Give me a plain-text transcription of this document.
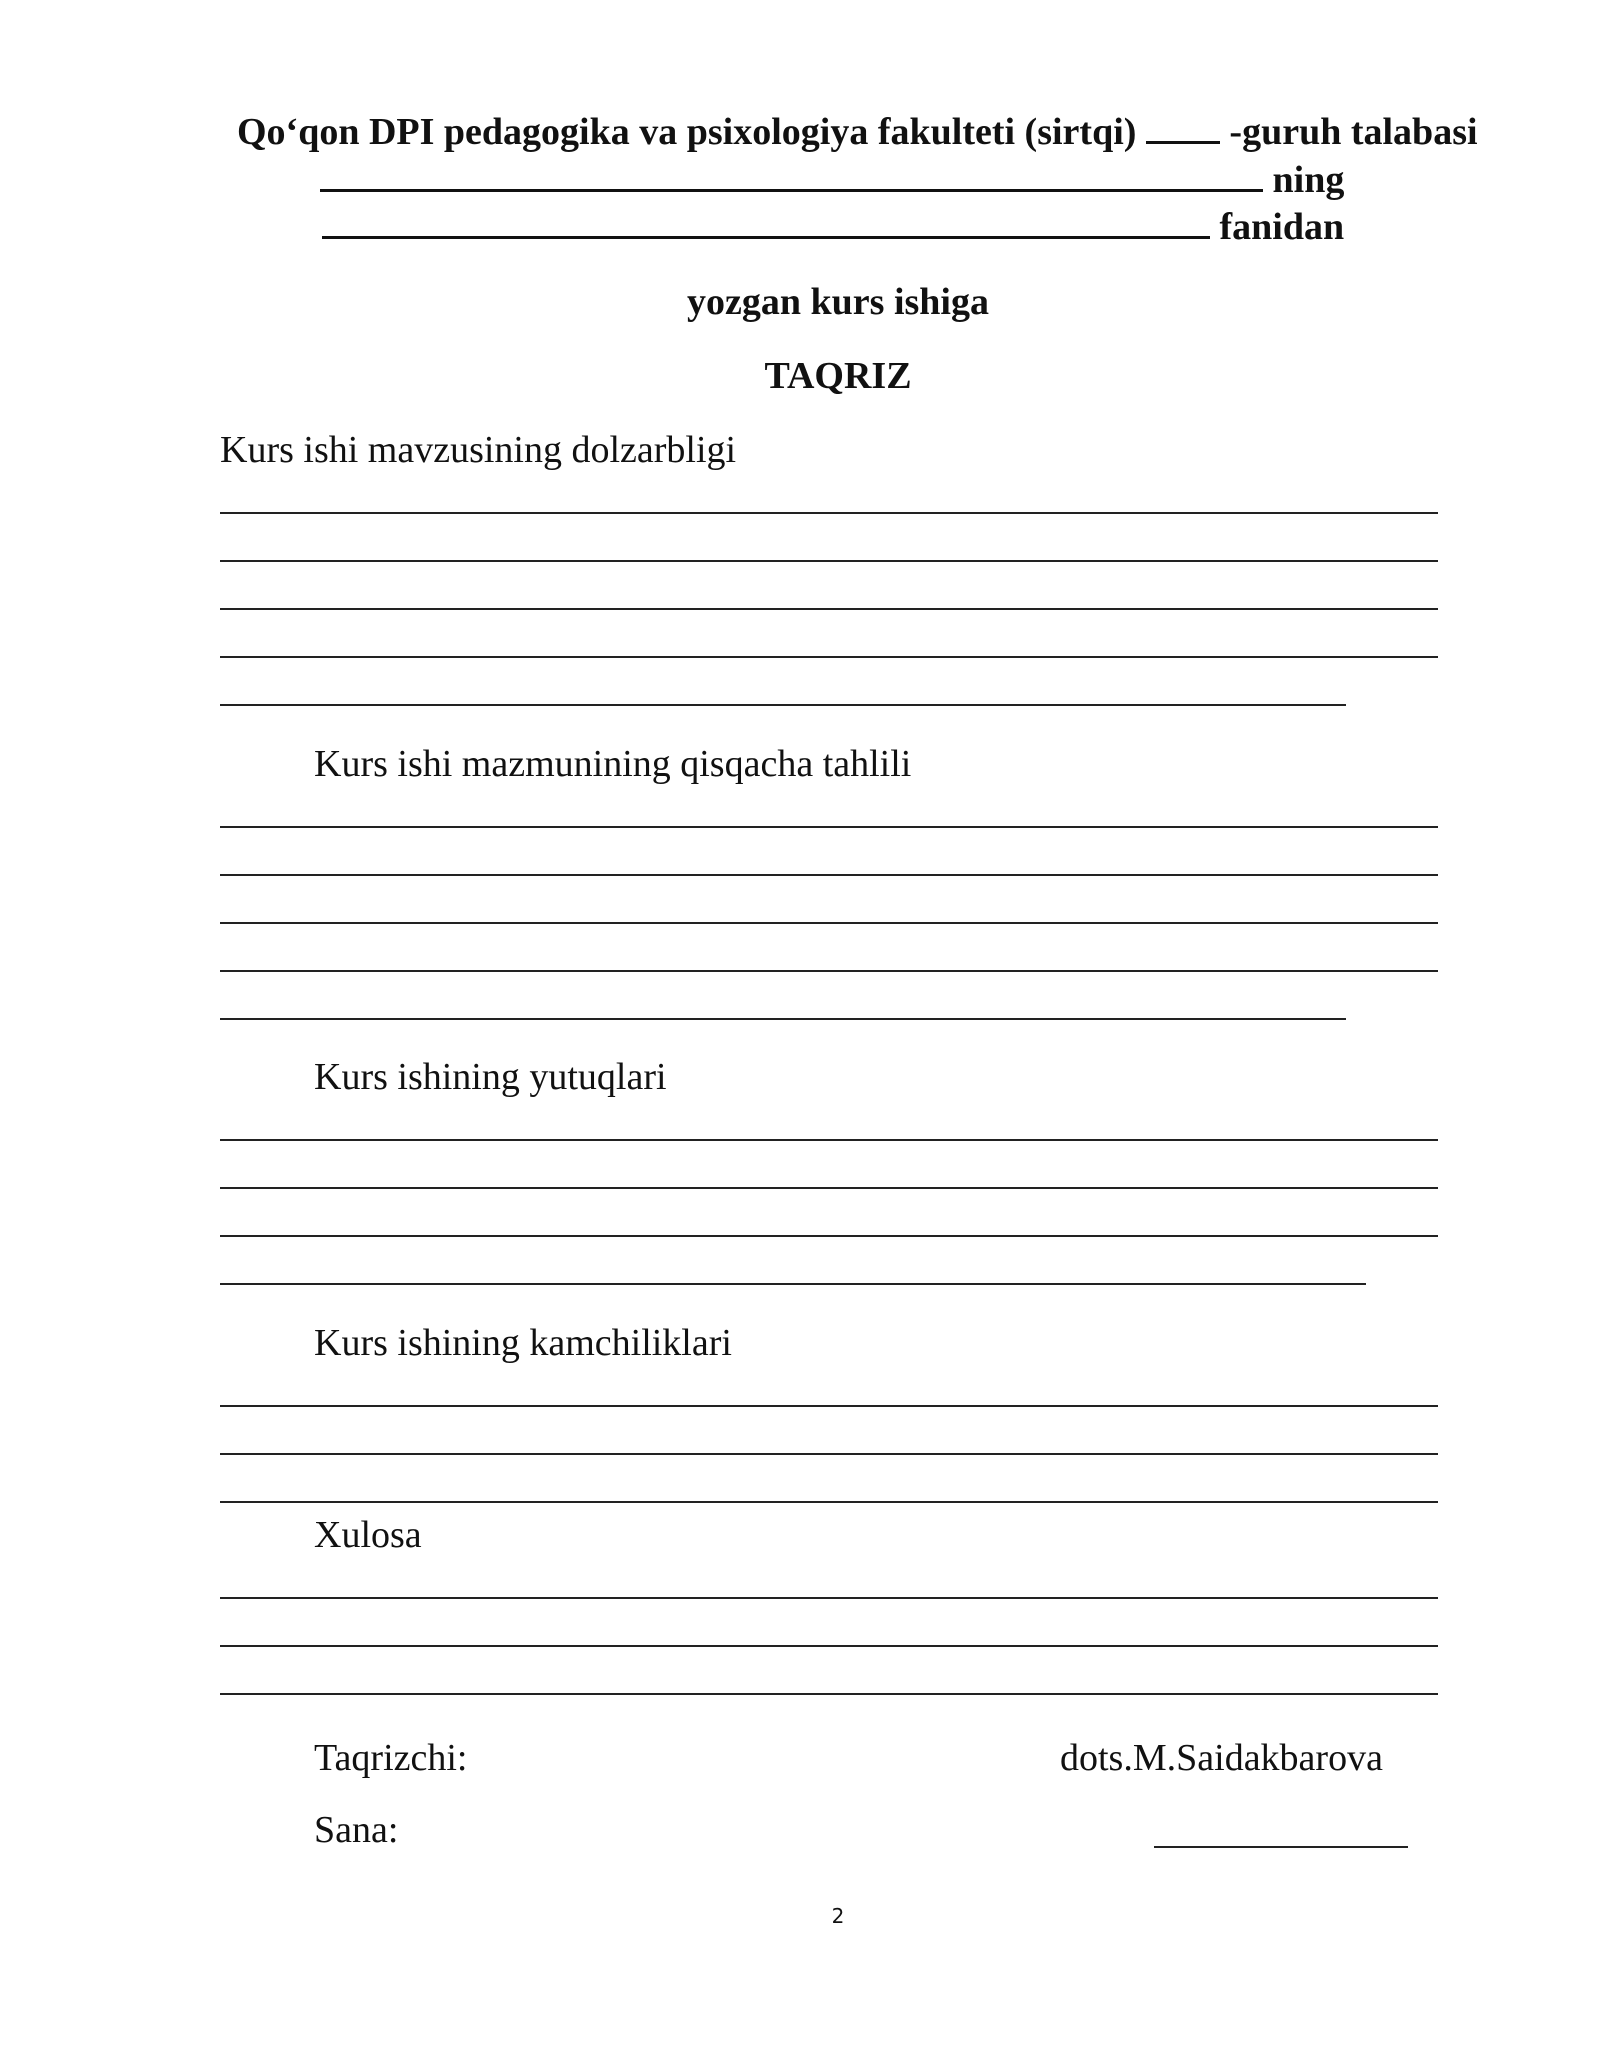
Qo‘qon DPI pedagogika va psixologiya fakulteti (sirtqi) -guruh talabasi
ning
fanidan
yozgan kurs ishiga
TAQRIZ
Kurs ishi mavzusining dolzarbligi
Kurs ishi mazmunining qisqacha tahlili
Kurs ishining yutuqlari
Kurs ishining kamchiliklari
Xulosa
Taqrizchi:	dots.M.Saidakbarova
Sana:
2
